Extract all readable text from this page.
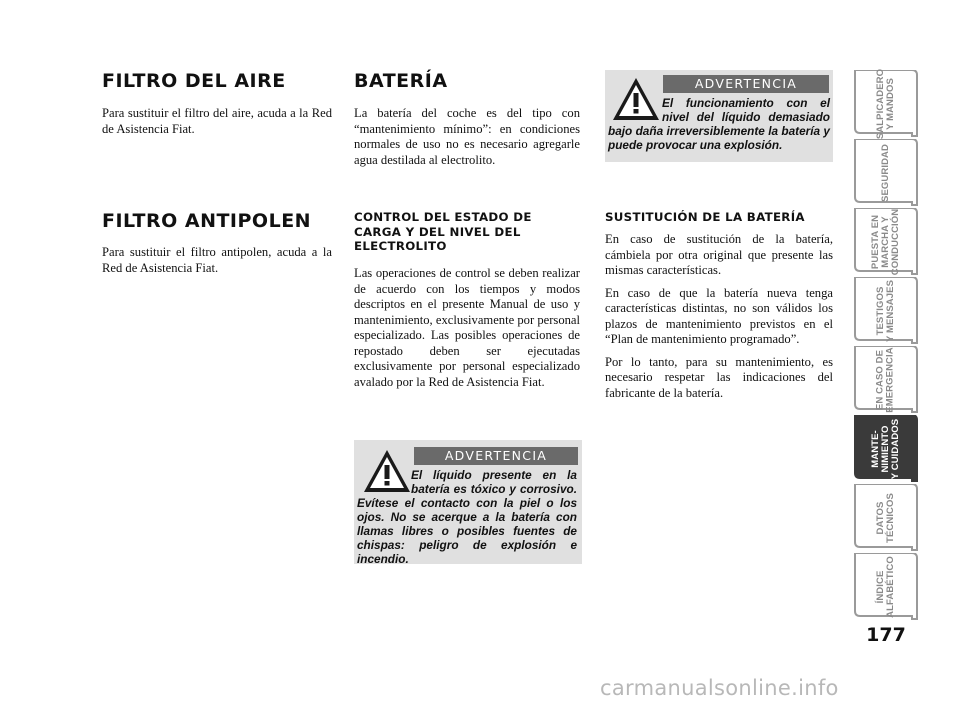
FILTRO DEL AIRE

Para sustituir el filtro del aire, acuda a la Red de Asistencia Fiat.

FILTRO ANTIPOLEN

Para sustituir el filtro antipolen, acuda a la Red de Asistencia Fiat.

BATERÍA

La batería del coche es del tipo con “mantenimiento mínimo”: en condiciones normales de uso no es necesario agregarle agua destilada al electrolito.

CONTROL DEL ESTADO DE CARGA Y DEL NIVEL DEL ELECTROLITO

Las operaciones de control se deben realizar de acuerdo con los tiempos y modos descriptos en el presente Manual de uso y mantenimiento, exclusivamente por personal especializado. Las posibles operaciones de repostado deben ser ejecutadas exclusivamente por personal especializado avalado por la Red de Asistencia Fiat.

ADVERTENCIA
El líquido presente en la batería es tóxico y corrosivo. Evítese el contacto con la piel o los ojos. No se acerque a la batería con llamas libres o posibles fuentes de chispas: peligro de explosión e incendio.
ADVERTENCIA
El funcionamiento con el nivel del líquido demasiado bajo daña irreversiblemente la batería y puede provocar una explosión.
SUSTITUCIÓN DE LA BATERÍA

En caso de sustitución de la batería, cámbiela por otra original que presente las mismas características.

En caso de que la batería nueva tenga características distintas, no son válidos los plazos de mantenimiento previstos en el “Plan de mantenimiento programado”.

Por lo tanto, para su mantenimiento, es necesario respetar las indicaciones del fabricante de la batería.

SALPICADERO
Y MANDOS
SEGURIDAD
PUESTA EN
MARCHA Y
CONDUCCIÓN
TESTIGOS
Y MENSAJES
EN CASO DE
EMERGENCIA
MANTE-
NIMIENTO
Y CUIDADOS
DATOS
TÉCNICOS
ÍNDICE
ALFABÉTICO
177
carmanualsonline.info
